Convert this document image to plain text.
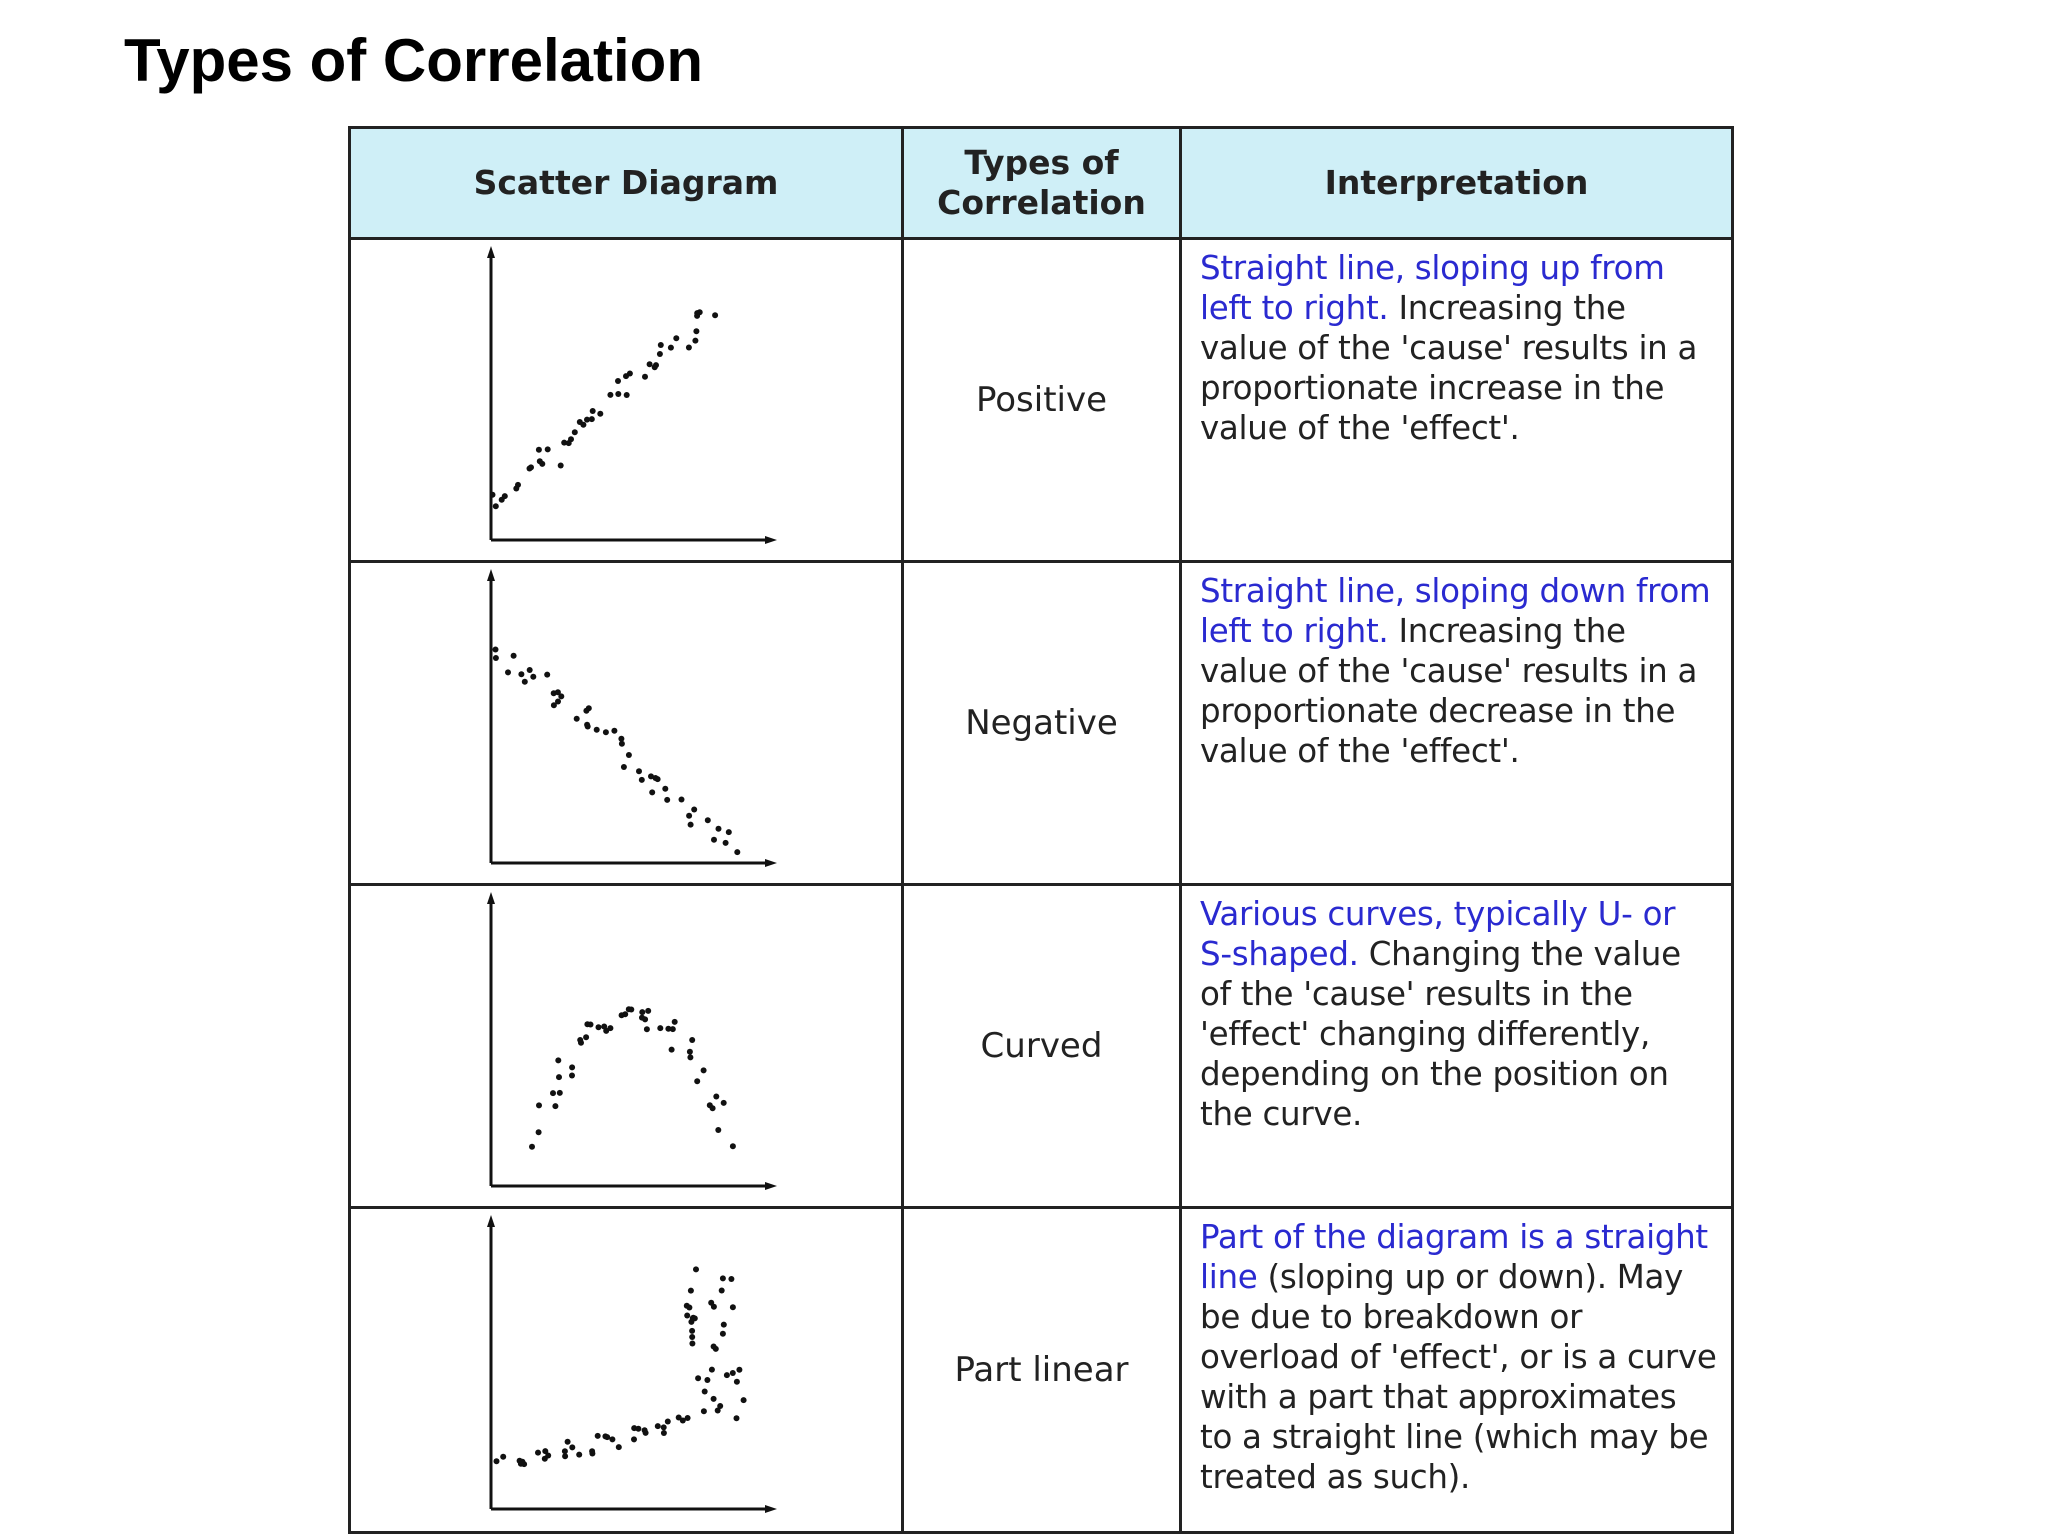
Types of Correlation
Scatter Diagram
Types of
Correlation
Interpretation
Positive
Straight line, sloping up from left to right. Increasing the value of the 'cause' results in a proportionate increase in the value of the 'effect'.
Negative
Straight line, sloping down from left to right. Increasing the value of the 'cause' results in a proportionate decrease in the value of the 'effect'.
Curved
Various curves, typically U- or S-shaped. Changing the value of the 'cause' results in the 'effect' changing differently, depending on the position on the curve.
Part linear
Part of the diagram is a straight line (sloping up or down). May be due to breakdown or overload of 'effect', or is a curve with a part that approximates to a straight line (which may be treated as such).
